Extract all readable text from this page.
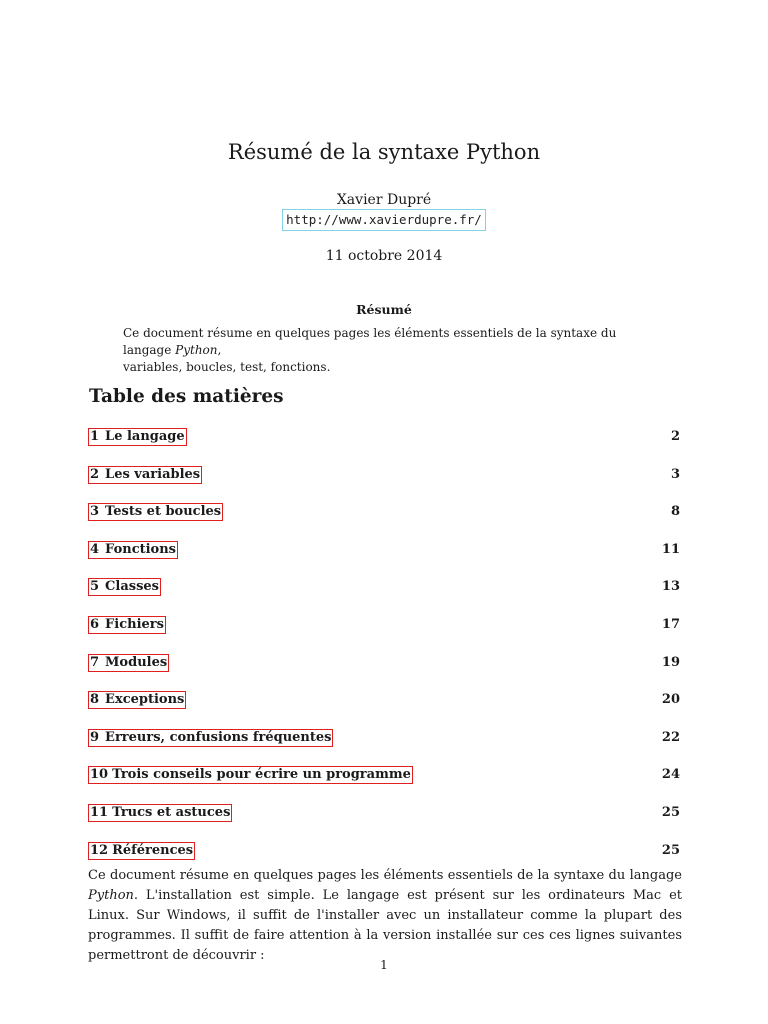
Résumé de la syntaxe Python
Xavier Dupré
http://www.xavierdupre.fr/
11 octobre 2014
Résumé
Ce document résume en quelques pages les éléments essentiels de la syntaxe du langage Python,
variables, boucles, test, fonctions.
Table des matières
1 Le langage	2
2 Les variables	3
3 Tests et boucles	8
4 Fonctions	11
5 Classes	13
6 Fichiers	17
7 Modules	19
8 Exceptions	20
9 Erreurs, confusions fréquentes	22
10 Trois conseils pour écrire un programme	24
11 Trucs et astuces	25
12 Références	25
Ce document résume en quelques pages les éléments essentiels de la syntaxe du langage Python. L'installation est simple. Le langage est présent sur les ordinateurs Mac et Linux. Sur Windows, il suffit de l'installer avec un installateur comme la plupart des programmes. Il suffit de faire attention à la version installée sur ces ces lignes suivantes permettront de découvrir :
1
